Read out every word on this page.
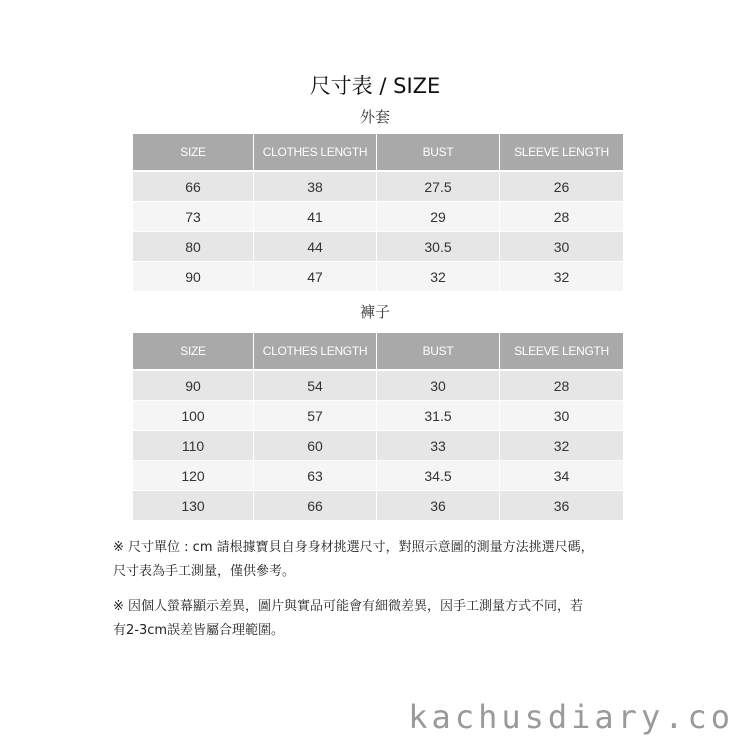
尺寸表 / SIZE
外套
SIZE	CLOTHES LENGTH	BUST	SLEEVE LENGTH
66	38	27.5	26
73	41	29	28
80	44	30.5	30
90	47	32	32
褲子
SIZE	CLOTHES LENGTH	BUST	SLEEVE LENGTH
90	54	30	28
100	57	31.5	30
110	60	33	32
120	63	34.5	34
130	66	36	36
※ 尺寸單位 : cm 請根據寶貝自身身材挑選尺寸，對照示意圖的測量方法挑選尺碼，
尺寸表為手工測量，僅供參考。
※ 因個人螢幕顯示差異，圖片與實品可能會有細微差異，因手工測量方式不同，若
有2-3cm誤差皆屬合理範圍。
kachusdiary.co
